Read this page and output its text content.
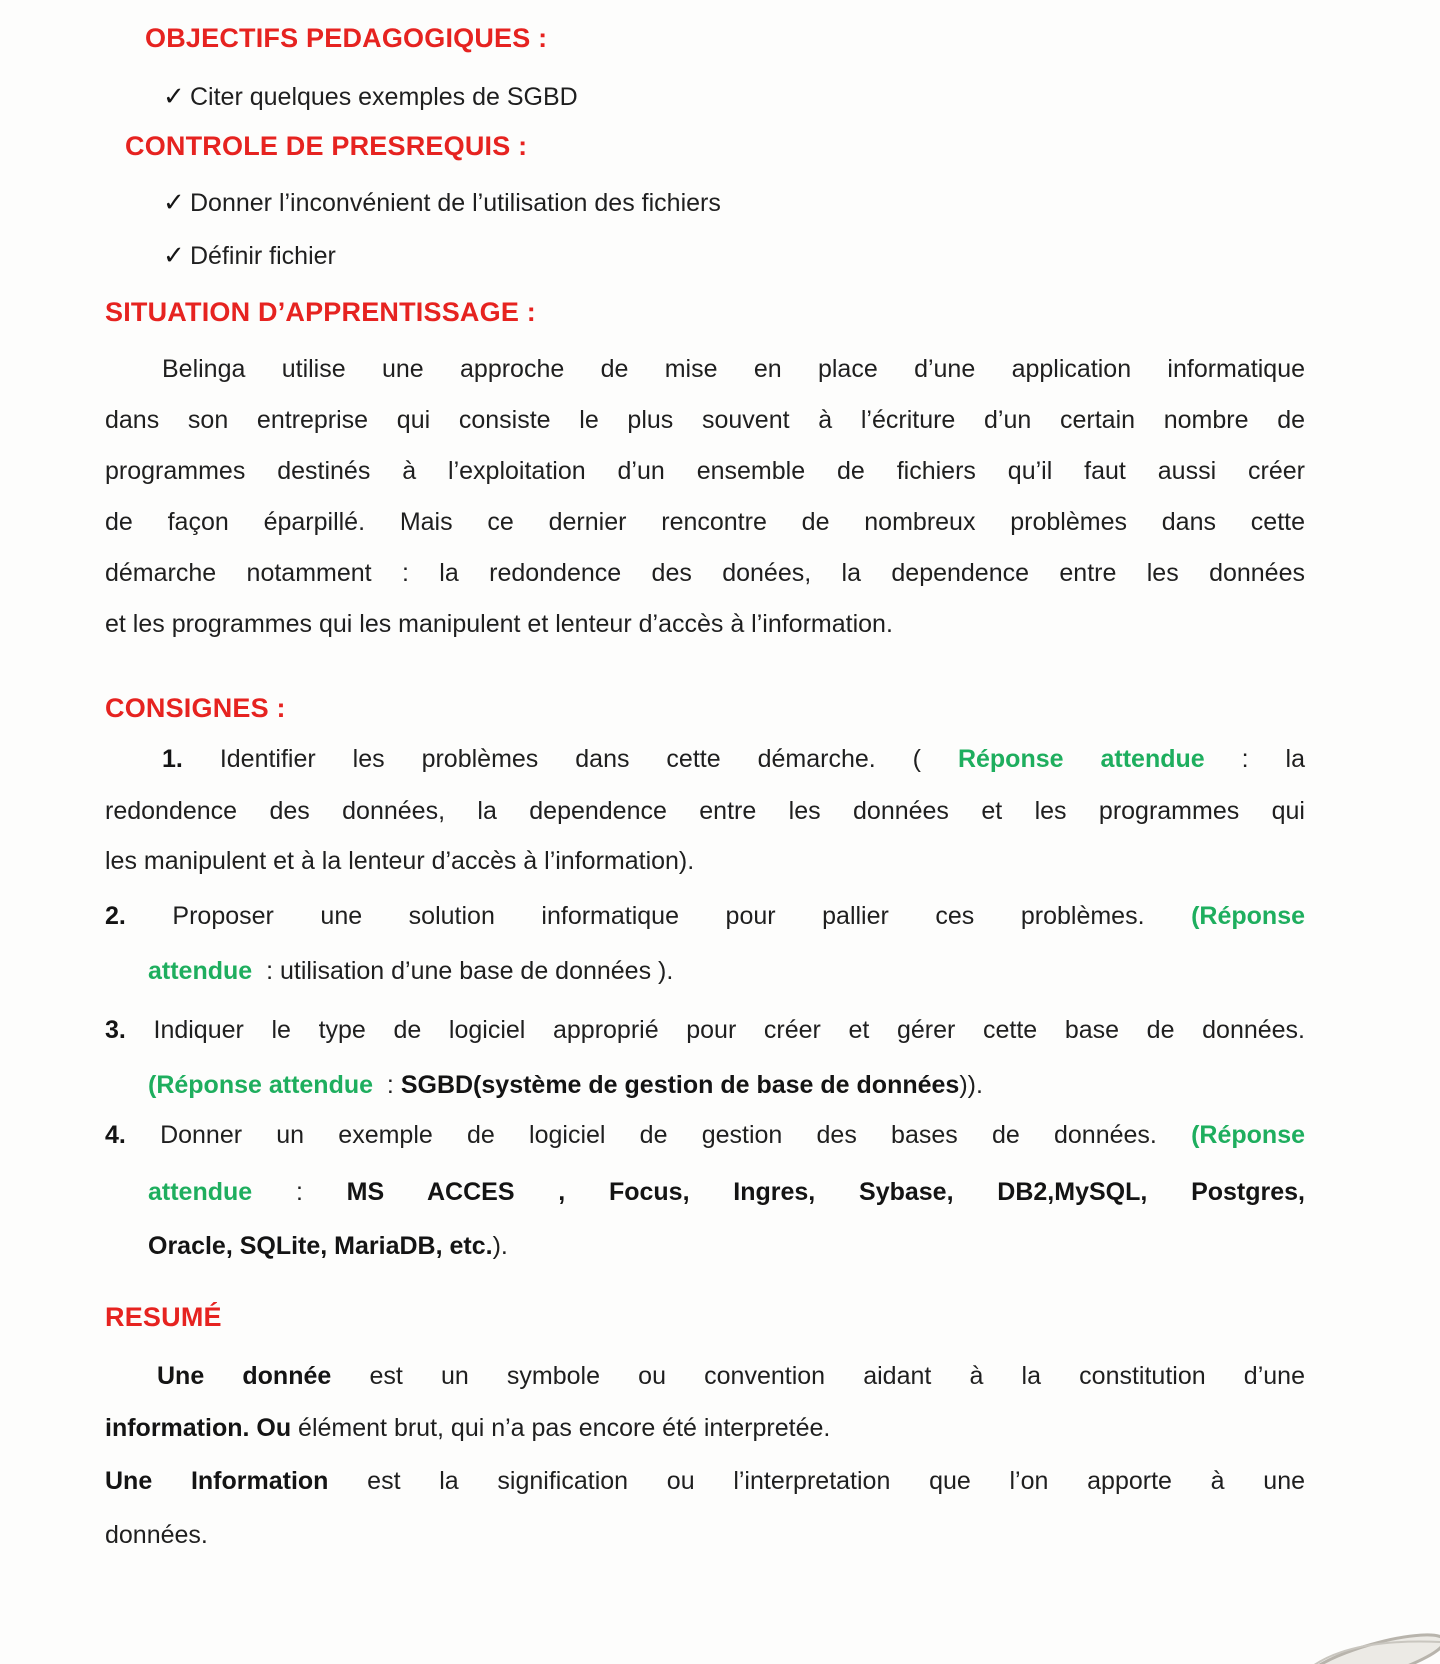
OBJECTIFS PEDAGOGIQUES :
✓ Citer quelques exemples de SGBD
CONTROLE DE PRESREQUIS :
✓ Donner l’inconvénient de l’utilisation des fichiers
✓ Définir fichier
SITUATION D’APPRENTISSAGE :
Belinga utilise une approche de mise en place d’une application informatique
dans son entreprise qui consiste le plus souvent à l’écriture d’un certain nombre de
programmes destinés à l’exploitation d’un ensemble de fichiers qu’il faut aussi créer
de façon éparpillé. Mais ce dernier rencontre de nombreux problèmes dans cette
démarche notamment : la redondence des donées, la dependence entre les données
et les programmes qui les manipulent et lenteur d’accès à l’information.
CONSIGNES :
1. Identifier les problèmes dans cette démarche. ( Réponse attendue : la
redondence des données, la dependence entre les données et les programmes qui
les manipulent et à la lenteur d’accès à l’information).
2. Proposer une solution informatique pour pallier ces problèmes. (Réponse
attendue  : utilisation d’une base de données ).
3. Indiquer le type de logiciel approprié pour créer et gérer cette base de données.
(Réponse attendue  : SGBD(système de gestion de base de données)).
4. Donner un exemple de logiciel de gestion des bases de données. (Réponse
attendue : MS ACCES , Focus, Ingres, Sybase, DB2,MySQL, Postgres,
Oracle, SQLite, MariaDB, etc.).
RESUMÉ
Une donnée est un symbole ou convention aidant à la constitution d’une
information. Ou élément brut, qui n’a pas encore été interpretée.
Une Information est la signification ou l’interpretation que l’on apporte à une
données.
